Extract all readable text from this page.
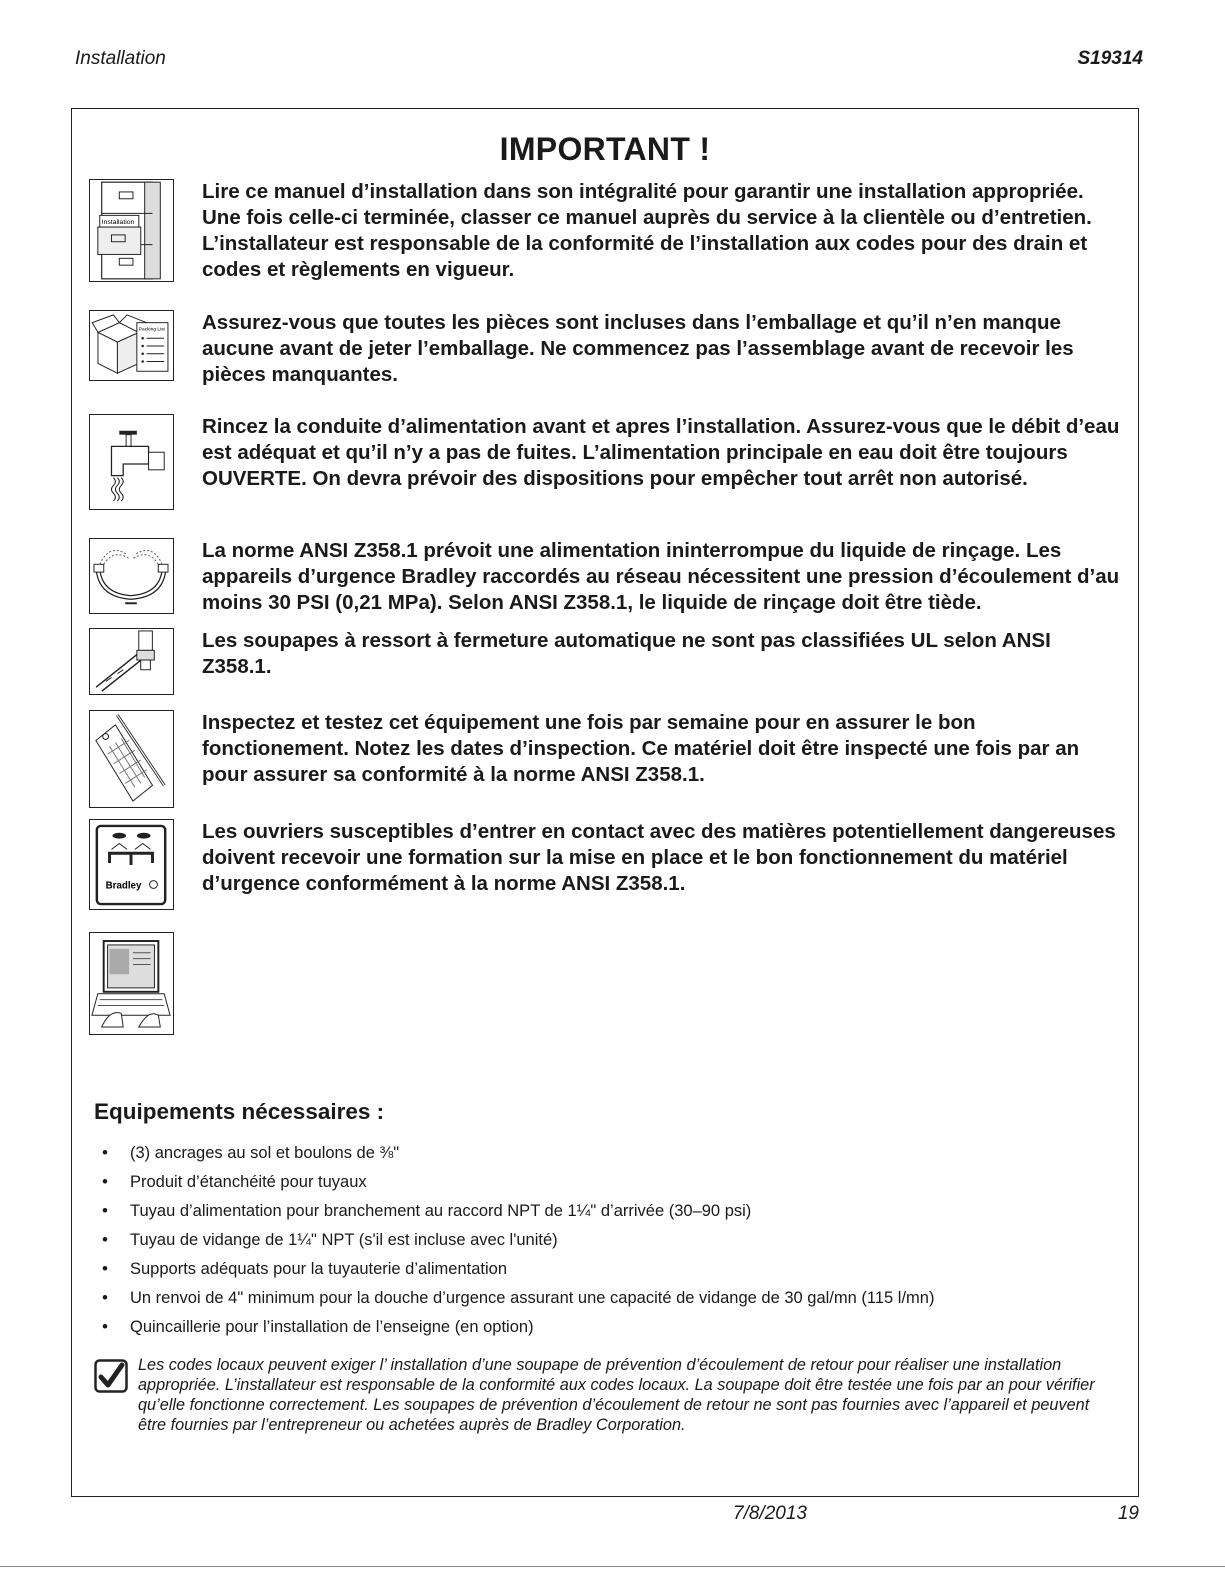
Installation	S19314
IMPORTANT !
Installation
Lire ce manuel d’installation dans son intégralité pour garantir une installation appropriée. Une fois celle-ci terminée, classer ce manuel auprès du service à la clientèle ou d’entretien. L’installateur est responsable de la conformité de l’installation aux codes pour des drain et codes et règlements en vigueur.
Packing List Assurez-vous que toutes les pièces sont incluses dans l’emballage et qu’il n’en manque aucune avant de jeter l’emballage. Ne commencez pas l’assemblage avant de recevoir les pièces manquantes.
Rincez la conduite d’alimentation avant et apres l’installation. Assurez-vous que le débit d’eau est adéquat et qu’il n’y a pas de fuites. L’alimentation principale en eau doit être toujours OUVERTE. On devra prévoir des dispositions pour empêcher tout arrêt non autorisé.
La norme ANSI Z358.1 prévoit une alimentation ininterrompue du liquide de rinçage. Les appareils d’urgence Bradley raccordés au réseau nécessitent une pression d’écoulement d’au moins 30 PSI (0,21 MPa). Selon ANSI Z358.1, le liquide de rinçage doit être tiède.
Les soupapes à ressort à fermeture automatique ne sont pas classifiées UL selon ANSI Z358.1.
Inspectez et testez cet équipement une fois par semaine pour en assurer le bon fonctionement. Notez les dates d’inspection. Ce matériel doit être inspecté une fois par an pour assurer sa conformité à la norme ANSI Z358.1.
Bradley
Les ouvriers susceptibles d’entrer en contact avec des matières potentiellement dangereuses doivent recevoir une formation sur la mise en place et le bon fonctionnement du matériel d’urgence conformément à la norme ANSI Z358.1.
Equipements nécessaires :
• (3) ancrages au sol et boulons de ⅜"
• Produit d’étanchéité pour tuyaux
• Tuyau d’alimentation pour branchement au raccord NPT de 1¼" d’arrivée (30–90 psi)
• Tuyau de vidange de 1¼" NPT (s'il est incluse avec l'unité)
• Supports adéquats pour la tuyauterie d’alimentation
• Un renvoi de 4" minimum pour la douche d’urgence assurant une capacité de vidange de 30 gal/mn (115 l/mn)
• Quincaillerie pour l’installation de l’enseigne (en option)
Les codes locaux peuvent exiger l’ installation d’une soupape de prévention d’écoulement de retour pour réaliser une installation appropriée. L’installateur est responsable de la conformité aux codes locaux. La soupape doit être testée une fois par an pour vérifier qu’elle fonctionne correctement. Les soupapes de prévention d’écoulement de retour ne sont pas fournies avec l’appareil et peuvent être fournies par l’entrepreneur ou achetées auprès de Bradley Corporation.
7/8/2013	19
